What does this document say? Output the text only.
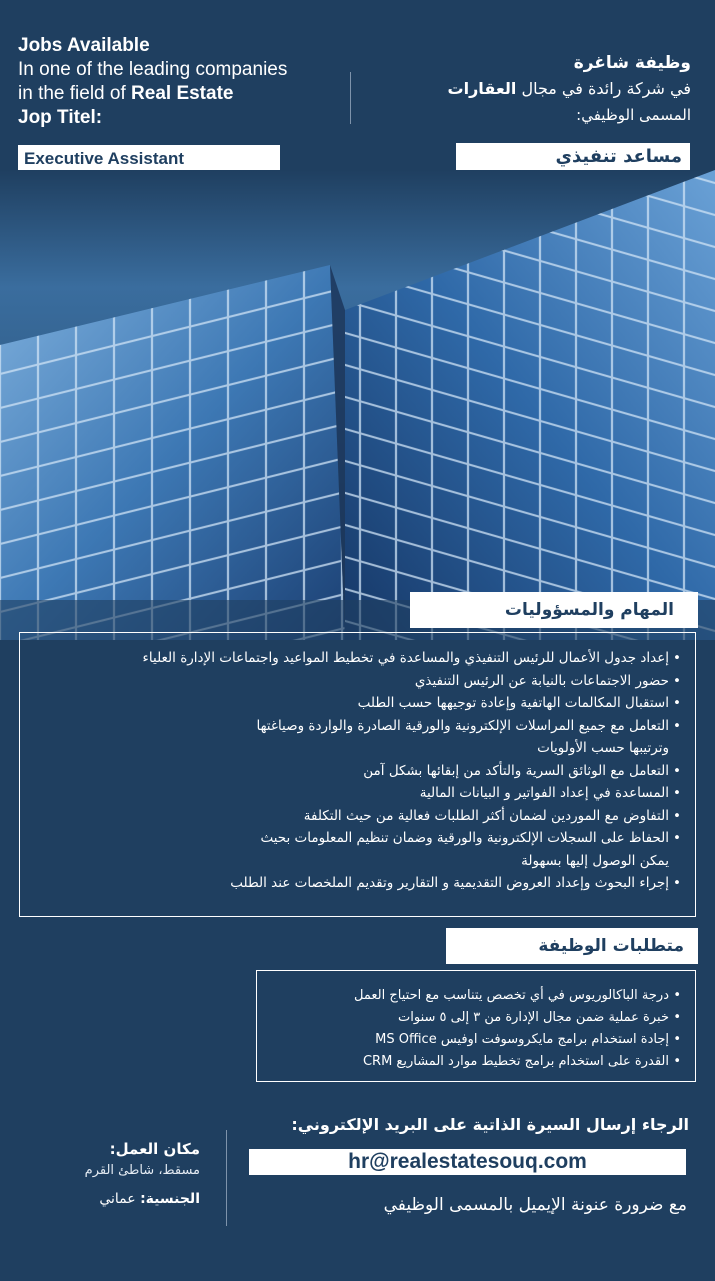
Jobs Available
In one of the leading companies
in the field of Real Estate
Jop Titel:
Executive Assistant
وظيفة شاغرة
في شركة رائدة في مجال العقارات
المسمى الوظيفي:
مساعد تنفيذي
•
إعداد جدول الأعمال للرئيس التنفيذي والمساعدة في تخطيط المواعيد واجتماعات الإدارة العلياء
•
حضور الاجتماعات بالنيابة عن الرئيس التنفيذي
•
استقبال المكالمات الهاتفية وإعادة توجيهها حسب الطلب
•
التعامل مع جميع المراسلات الإلكترونية والورقية الصادرة والواردة وصياغتها
وترتيبها حسب الأولويات
•
التعامل مع الوثائق السرية والتأكد من إبقائها بشكل آمن
•
المساعدة في إعداد الفواتير و البيانات المالية
•
التفاوض مع الموردين لضمان أكثر الطلبات فعالية من حيث التكلفة
•
الحفاظ على السجلات الإلكترونية والورقية وضمان تنظيم المعلومات بحيث
يمكن الوصول إليها بسهولة
•
إجراء البحوث وإعداد العروض التقديمية و التقارير وتقديم الملخصات عند الطلب
المهام والمسؤوليات
متطلبات الوظيفة
•
درجة الباكالوريوس في أي تخصص يتناسب مع احتياج العمل
•
خبرة عملية ضمن مجال الإدارة من ٣ إلى ٥ سنوات
•
إجادة استخدام برامج مايكروسوفت اوفيس MS Office
•
القدرة على استخدام برامج تخطيط موارد المشاريع CRM
مكان العمل:
مسقط، شاطئ القرم
الجنسية: عماني
الرجاء إرسال السيرة الذاتية على البريد الإلكتروني:
hr@realestatesouq.com
مع ضرورة عنونة الإيميل بالمسمى الوظيفي
